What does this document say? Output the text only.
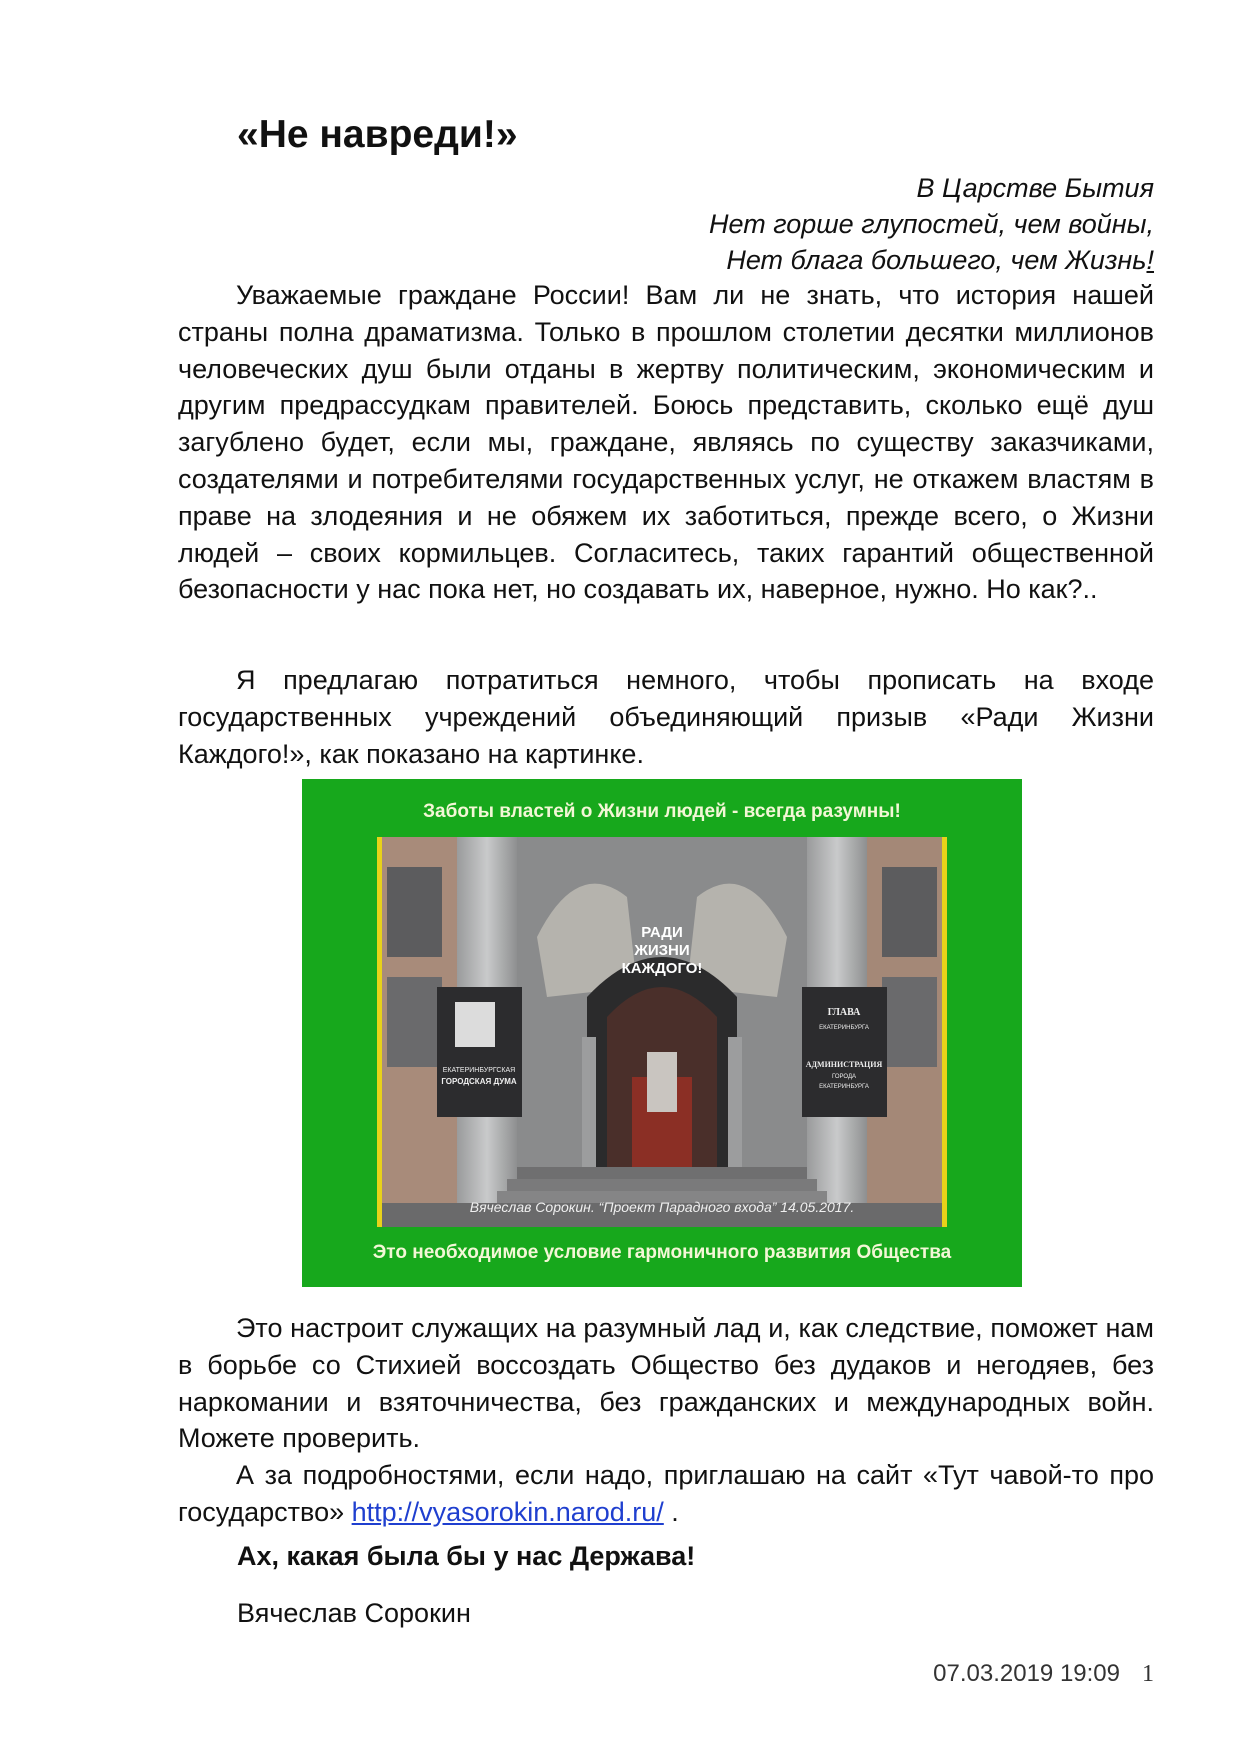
«Не навреди!»
В Царстве Бытия
Нет горше глупостей, чем войны,
Нет блага большего, чем Жизнь!

Уважаемые граждане России! Вам ли не знать, что история нашей страны полна драматизма. Только в прошлом столетии десятки миллионов человеческих душ были отданы в жертву политическим, экономическим и другим предрассудкам правителей. Боюсь представить, сколько ещё душ загублено будет, если мы, граждане, являясь по существу заказчиками, создателями и потребителями государственных услуг, не откажем властям в праве на злодеяния и не обяжем их заботиться, прежде всего, о Жизни людей – своих кормильцев. Согласитесь, таких гарантий общественной безопасности у нас пока нет, но создавать их, наверное, нужно. Но как?..

Я предлагаю потратиться немного, чтобы прописать на входе государственных учреждений объединяющий призыв «Ради Жизни Каждого!», как показано на картинке.

Заботы властей о Жизни людей - всегда разумны!
РАДИ
ЖИЗНИ
КАЖДОГО!
ЕКАТЕРИНБУРГСКАЯ
ГОРОДСКАЯ ДУМА
ГЛАВА
ЕКАТЕРИНБУРГА
АДМИНИСТРАЦИЯ
ГОРОДА
ЕКАТЕРИНБУРГА
Вячеслав Сорокин. “Проект Парадного входа” 14.05.2017.
Это необходимое условие гармоничного развития Общества

Это настроит служащих на разумный лад и, как следствие, поможет нам в борьбе со Стихией воссоздать Общество без дудаков и негодяев, без наркомании и взяточничества, без гражданских и международных войн. Можете проверить.

А за подробностями, если надо, приглашаю на сайт «Тут чавой-то про государство» http://vyasorokin.narod.ru/ .

Ах, какая была бы у нас Держава!

Вячеслав Сорокин

07.03.2019 19:09 1
